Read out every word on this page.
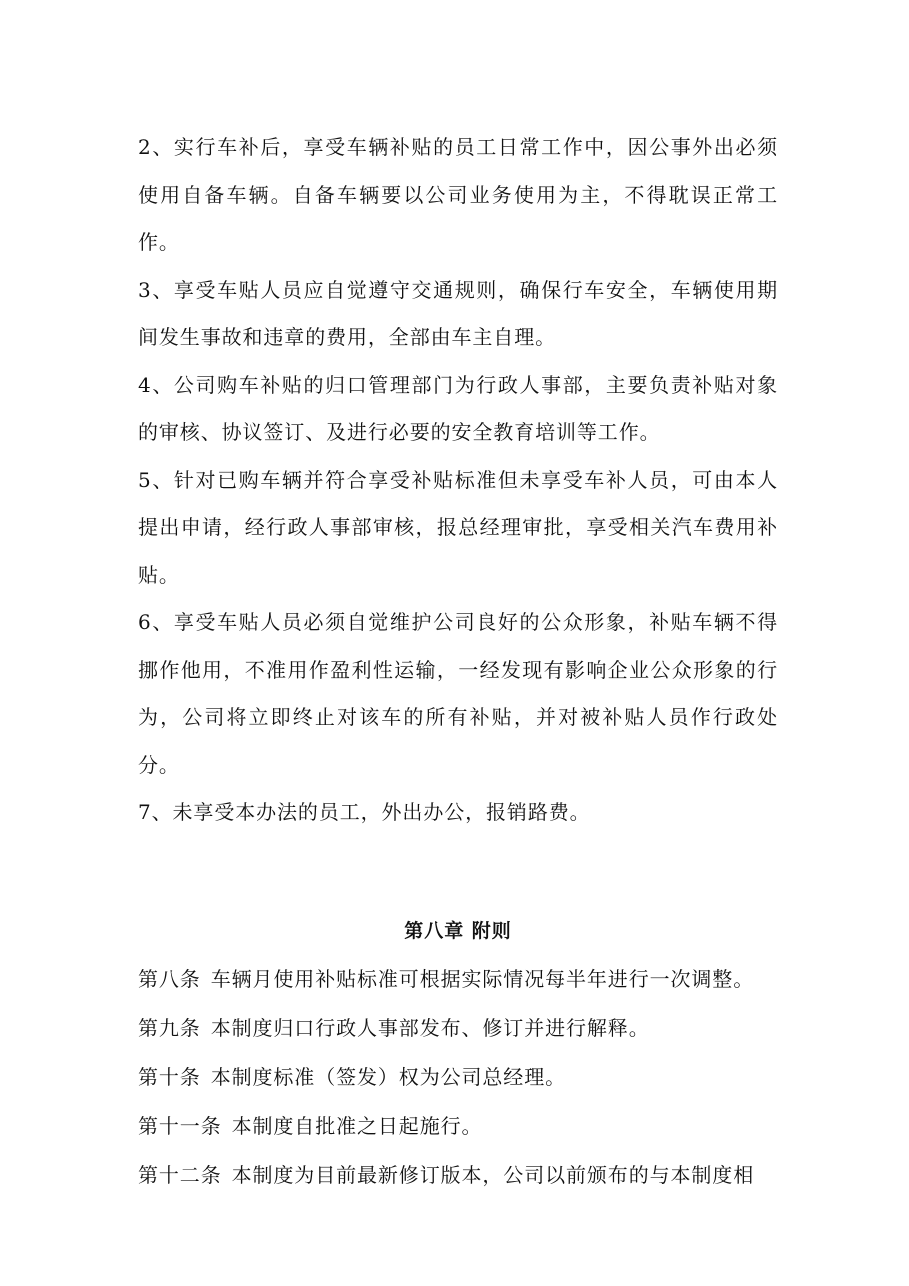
2、实行车补后，享受车辆补贴的员工日常工作中，因公事外出必须使用自备车辆。自备车辆要以公司业务使用为主，不得耽误正常工作。

3、享受车贴人员应自觉遵守交通规则，确保行车安全，车辆使用期间发生事故和违章的费用，全部由车主自理。

4、公司购车补贴的归口管理部门为行政人事部，主要负责补贴对象的审核、协议签订、及进行必要的安全教育培训等工作。

5、针对已购车辆并符合享受补贴标准但未享受车补人员，可由本人提出申请，经行政人事部审核，报总经理审批，享受相关汽车费用补贴。

6、享受车贴人员必须自觉维护公司良好的公众形象，补贴车辆不得挪作他用，不准用作盈利性运输，一经发现有影响企业公众形象的行为，公司将立即终止对该车的所有补贴，并对被补贴人员作行政处分。

7、未享受本办法的员工，外出办公，报销路费。

第八章 附则

第八条 车辆月使用补贴标准可根据实际情况每半年进行一次调整。

第九条 本制度归口行政人事部发布、修订并进行解释。

第十条 本制度标准（签发）权为公司总经理。

第十一条 本制度自批准之日起施行。

第十二条 本制度为目前最新修订版本，公司以前颁布的与本制度相
